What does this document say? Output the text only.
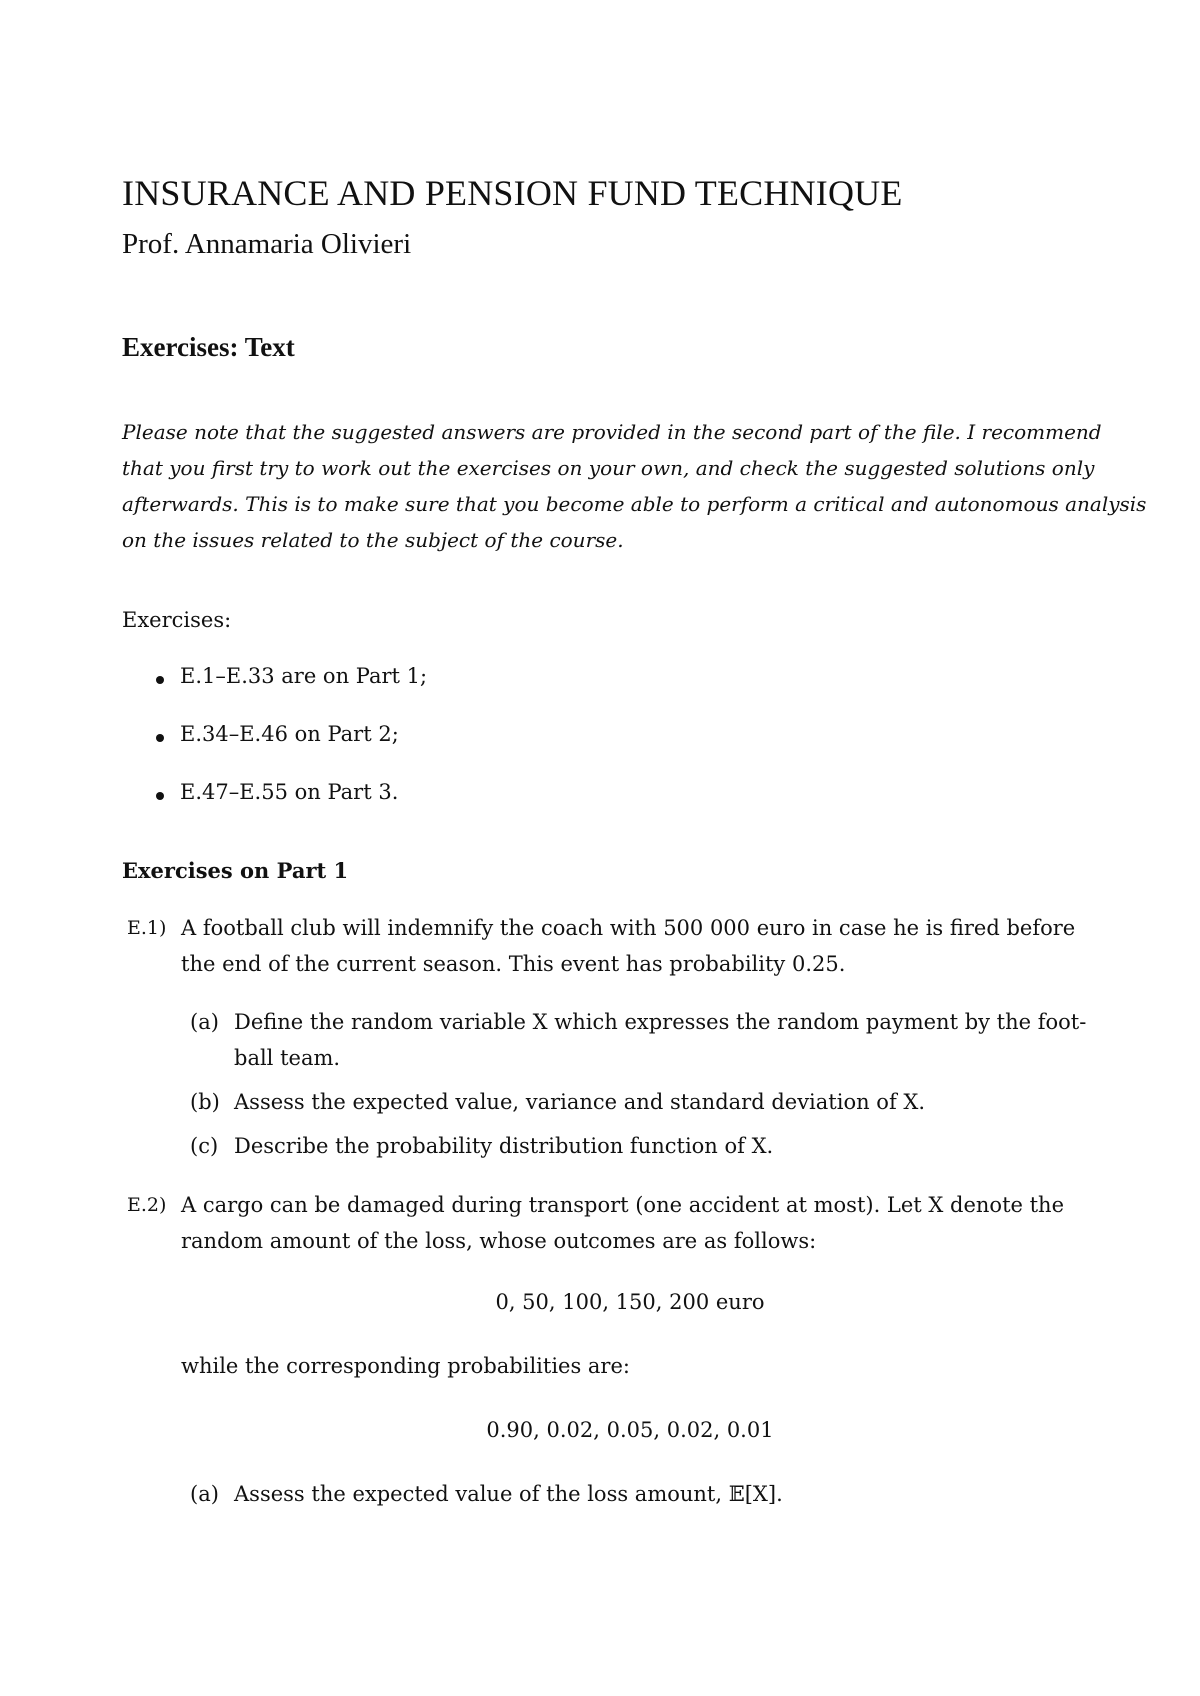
INSURANCE AND PENSION FUND TECHNIQUE
Prof. Annamaria Olivieri
Exercises: Text
Please note that the suggested answers are provided in the second part of the file. I recommend
that you first try to work out the exercises on your own, and check the suggested solutions only
afterwards. This is to make sure that you become able to perform a critical and autonomous analysis
on the issues related to the subject of the course.
Exercises:
E.1–E.33 are on Part 1;
E.34–E.46 on Part 2;
E.47–E.55 on Part 3.
Exercises on Part 1
E.1) A football club will indemnify the coach with 500 000 euro in case he is fired before
the end of the current season. This event has probability 0.25.
(a) Define the random variable X which expresses the random payment by the foot-
ball team.
(b) Assess the expected value, variance and standard deviation of X.
(c) Describe the probability distribution function of X.
E.2) A cargo can be damaged during transport (one accident at most). Let X denote the
random amount of the loss, whose outcomes are as follows:
0, 50, 100, 150, 200 euro
while the corresponding probabilities are:
0.90, 0.02, 0.05, 0.02, 0.01
(a) Assess the expected value of the loss amount, 𝔼[X].
